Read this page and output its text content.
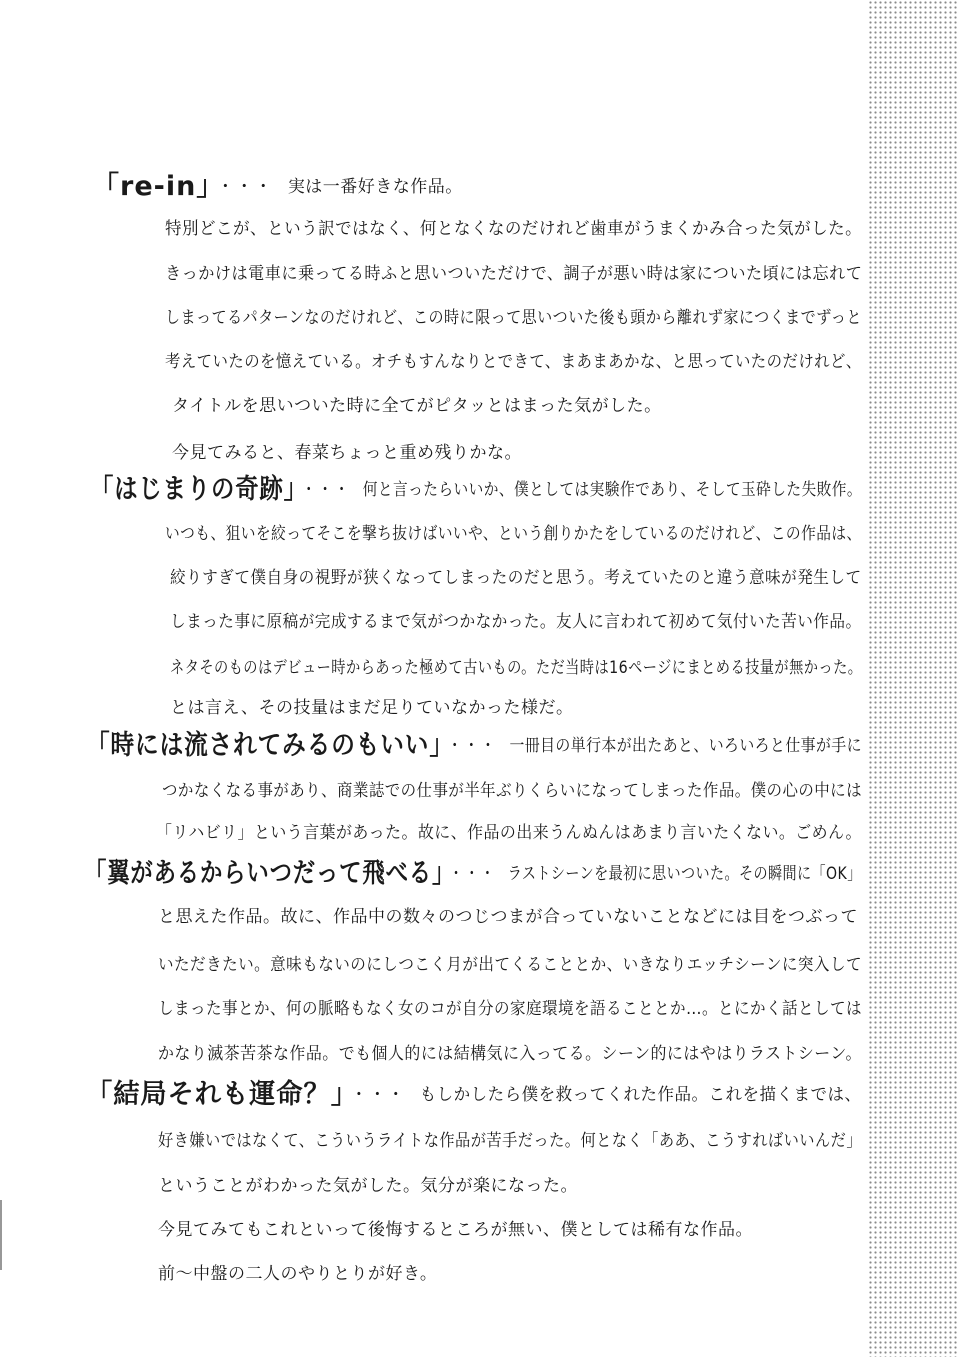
「re-in」 ・・・ 実は一番好きな作品。
特別どこが、という訳ではなく、何となくなのだけれど歯車がうまくかみ合った気がした。
きっかけは電車に乗ってる時ふと思いついただけで、調子が悪い時は家についた頃には忘れて
しまってるパターンなのだけれど、この時に限って思いついた後も頭から離れず家につくまでずっと
考えていたのを憶えている。オチもすんなりとできて、まあまあかな、と思っていたのだけれど、
タイトルを思いついた時に全てがピタッとはまった気がした。
今見てみると、春菜ちょっと重め残りかな。
「はじまりの奇跡」 ・・・ 何と言ったらいいか、僕としては実験作であり、そして玉砕した失敗作。
いつも、狙いを絞ってそこを撃ち抜けばいいや、という創りかたをしているのだけれど、この作品は、
絞りすぎて僕自身の視野が狭くなってしまったのだと思う。考えていたのと違う意味が発生して
しまった事に原稿が完成するまで気がつかなかった。友人に言われて初めて気付いた苦い作品。
ネタそのものはデビュー時からあった極めて古いもの。ただ当時は16ページにまとめる技量が無かった。
とは言え、その技量はまだ足りていなかった様だ。
「時には流されてみるのもいい」 ・・・ 一冊目の単行本が出たあと、いろいろと仕事が手に
つかなくなる事があり、商業誌での仕事が半年ぶりくらいになってしまった作品。僕の心の中には
「リハビリ」という言葉があった。故に、作品の出来うんぬんはあまり言いたくない。ごめん。
「翼があるからいつだって飛べる」 ・・・ ラストシーンを最初に思いついた。その瞬間に「OK」
と思えた作品。故に、作品中の数々のつじつまが合っていないことなどには目をつぶって
いただきたい。意味もないのにしつこく月が出てくることとか、いきなりエッチシーンに突入して
しまった事とか、何の脈略もなく女のコが自分の家庭環境を語ることとか…。とにかく話としては
かなり滅茶苦茶な作品。でも個人的には結構気に入ってる。シーン的にはやはりラストシーン。
「結局それも運命？」 ・・・ もしかしたら僕を救ってくれた作品。これを描くまでは、
好き嫌いではなくて、こういうライトな作品が苦手だった。何となく「ああ、こうすればいいんだ」
ということがわかった気がした。気分が楽になった。
今見てみてもこれといって後悔するところが無い、僕としては稀有な作品。
前～中盤の二人のやりとりが好き。
